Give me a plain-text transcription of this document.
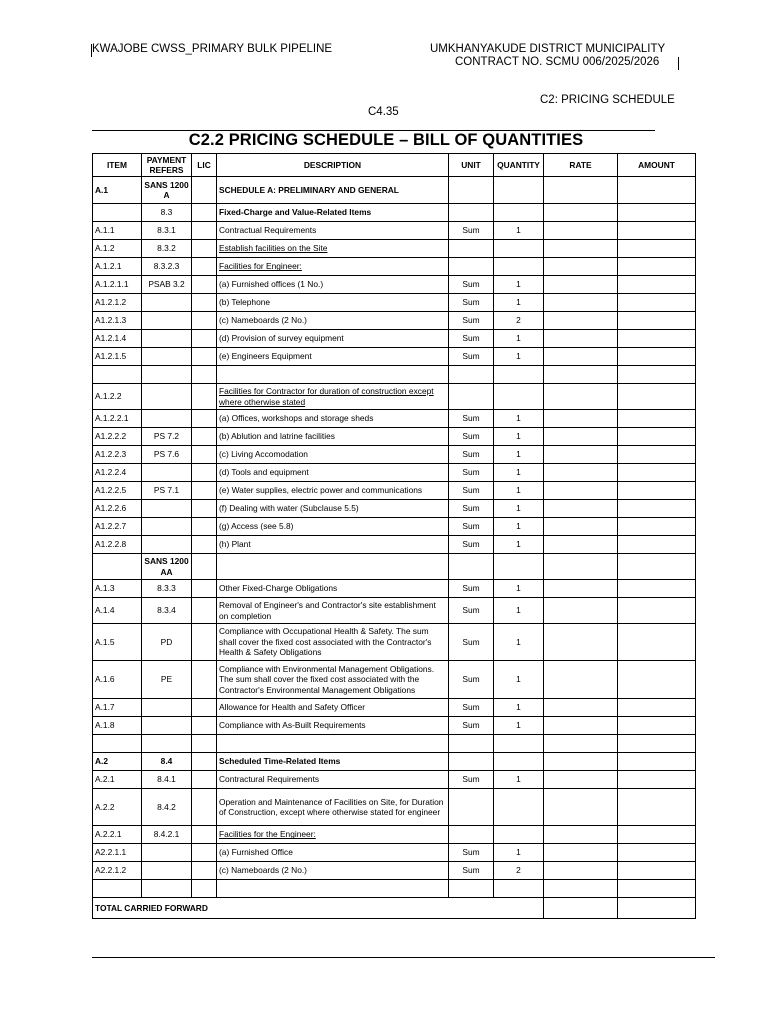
KWAJOBE CWSS_PRIMARY BULK PIPELINE	UMKHANYAKUDE DISTRICT MUNICIPALITY
CONTRACT NO. SCMU 006/2025/2026
C2: PRICING SCHEDULE
C4.35
C2.2 PRICING SCHEDULE – BILL OF QUANTITIES
ITEM	PAYMENT REFERS	LIC	DESCRIPTION	UNIT	QUANTITY	RATE	AMOUNT
A.1	SANS 1200 A		SCHEDULE A: PRELIMINARY AND GENERAL				
	8.3		Fixed-Charge and Value-Related Items				
A.1.1	8.3.1		Contractual Requirements	Sum	1		
A.1.2	8.3.2		Establish facilities on the Site				
A.1.2.1	8.3.2.3		Facilities for Engineer:				
A.1.2.1.1	PSAB 3.2		(a) Furnished offices (1 No.)	Sum	1		
A1.2.1.2			(b) Telephone	Sum	1		
A1.2.1.3			(c) Nameboards (2 No.)	Sum	2		
A1.2.1.4			(d) Provision of survey equipment	Sum	1		
A1.2.1.5			(e) Engineers Equipment	Sum	1		

A.1.2.2			Facilities for Contractor for duration of construction except where otherwise stated				
A.1.2.2.1			(a) Offices, workshops and storage sheds	Sum	1		
A1.2.2.2	PS 7.2		(b) Ablution and latrine facilities	Sum	1		
A1.2.2.3	PS 7.6		(c) Living Accomodation	Sum	1		
A1.2.2.4			(d) Tools and equipment	Sum	1		
A1.2.2.5	PS 7.1		(e) Water supplies, electric power and communications	Sum	1		
A1.2.2.6			(f) Dealing with water (Subclause 5.5)	Sum	1		
A1.2.2.7			(g) Access (see 5.8)	Sum	1		
A1.2.2.8			(h) Plant	Sum	1		
	SANS 1200 AA						
A.1.3	8.3.3		Other Fixed-Charge Obligations	Sum	1		
A.1.4	8.3.4		Removal of Engineer's and Contractor's site establishment on completion	Sum	1		
A.1.5	PD		Compliance with Occupational Health & Safety. The sum shall cover the fixed cost associated with the Contractor's Health & Safety Obligations	Sum	1		
A.1.6	PE		Compliance with Environmental Management Obligations. The sum shall cover the fixed cost associated with the Contractor's Environmental Management Obligations	Sum	1		
A.1.7			Allowance for Health and Safety Officer	Sum	1		
A.1.8			Compliance with As-Built Requirements	Sum	1		

A.2	8.4		Scheduled Time-Related Items				
A.2.1	8.4.1		Contractural Requirements	Sum	1		
A.2.2	8.4.2		Operation and Maintenance of Facilities on Site, for Duration of Construction, except where otherwise stated for engineer				
A.2.2.1	8.4.2.1		Facilities for the Engineer:				
A2.2.1.1			(a) Furnished Office	Sum	1		
A2.2.1.2			(c) Nameboards (2 No.)	Sum	2		

TOTAL CARRIED FORWARD							
